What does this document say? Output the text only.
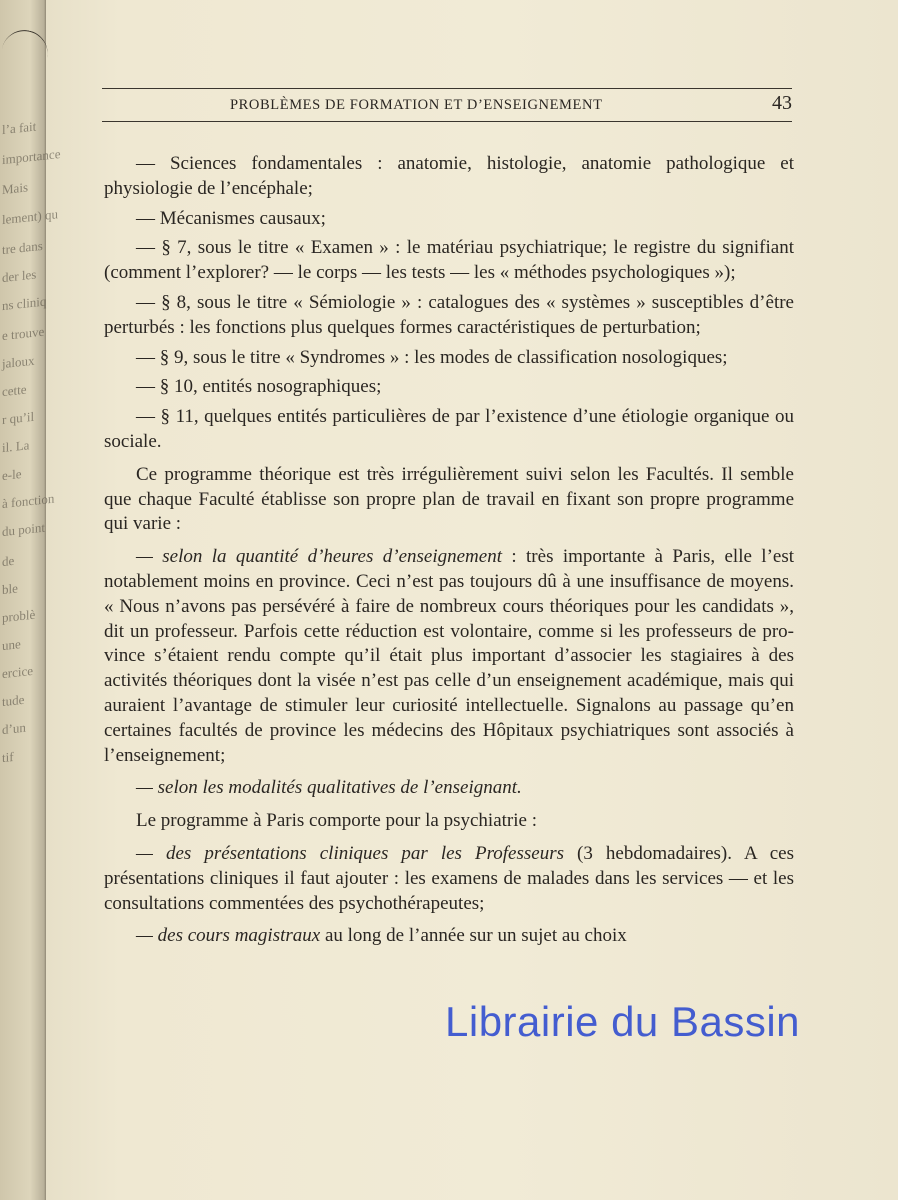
l’a fait
importance
Mais
lement) qu
tre dans
der les
ns cliniq
e trouve
jaloux
cette
r qu’il
il. La
e-le
à fonction
du point
de
ble
problè
une
ercice
tude
d’un
tif
PROBLÈMES DE FORMATION ET D’ENSEIGNEMENT	43

— Sciences fondamentales : anatomie, histologie, anatomie pathologique et physiologie de l’encéphale;

— Mécanismes causaux;

— § 7, sous le titre « Examen » : le matériau psychiatrique; le registre du signifiant (comment l’explorer? — le corps — les tests — les « méthodes psychologiques »);

— § 8, sous le titre « Sémiologie » : catalogues des « systèmes » susceptibles d’être perturbés : les fonctions plus quelques formes caractéristiques de perturbation;

— § 9, sous le titre « Syndromes » : les modes de classification nosologiques;

— § 10, entités nosographiques;

— § 11, quelques entités particulières de par l’existence d’une étiologie organique ou sociale.

Ce programme théorique est très irrégulièrement suivi selon les Facultés. Il semble que chaque Faculté établisse son propre plan de travail en fixant son propre programme qui varie :

— selon la quantité d’heures d’enseignement : très importante à Paris, elle l’est notablement moins en province. Ceci n’est pas toujours dû à une insuffisance de moyens. « Nous n’avons pas persévéré à faire de nombreux cours théoriques pour les candidats », dit un professeur. Parfois cette réduction est volontaire, comme si les professeurs de province s’étaient rendu compte qu’il était plus important d’associer les stagiaires à des activités théoriques dont la visée n’est pas celle d’un enseignement académique, mais qui auraient l’avantage de stimuler leur curiosité intellectuelle. Signalons au passage qu’en certaines facultés de province les médecins des Hôpitaux psychiatriques sont associés à l’enseignement;

— selon les modalités qualitatives de l’enseignant.

Le programme à Paris comporte pour la psychiatrie :

— des présentations cliniques par les Professeurs (3 hebdomadaires). A ces présentations cliniques il faut ajouter : les examens de malades dans les services — et les consultations commentées des psychothérapeutes;

— des cours magistraux au long de l’année sur un sujet au choix

Librairie du Bassin
